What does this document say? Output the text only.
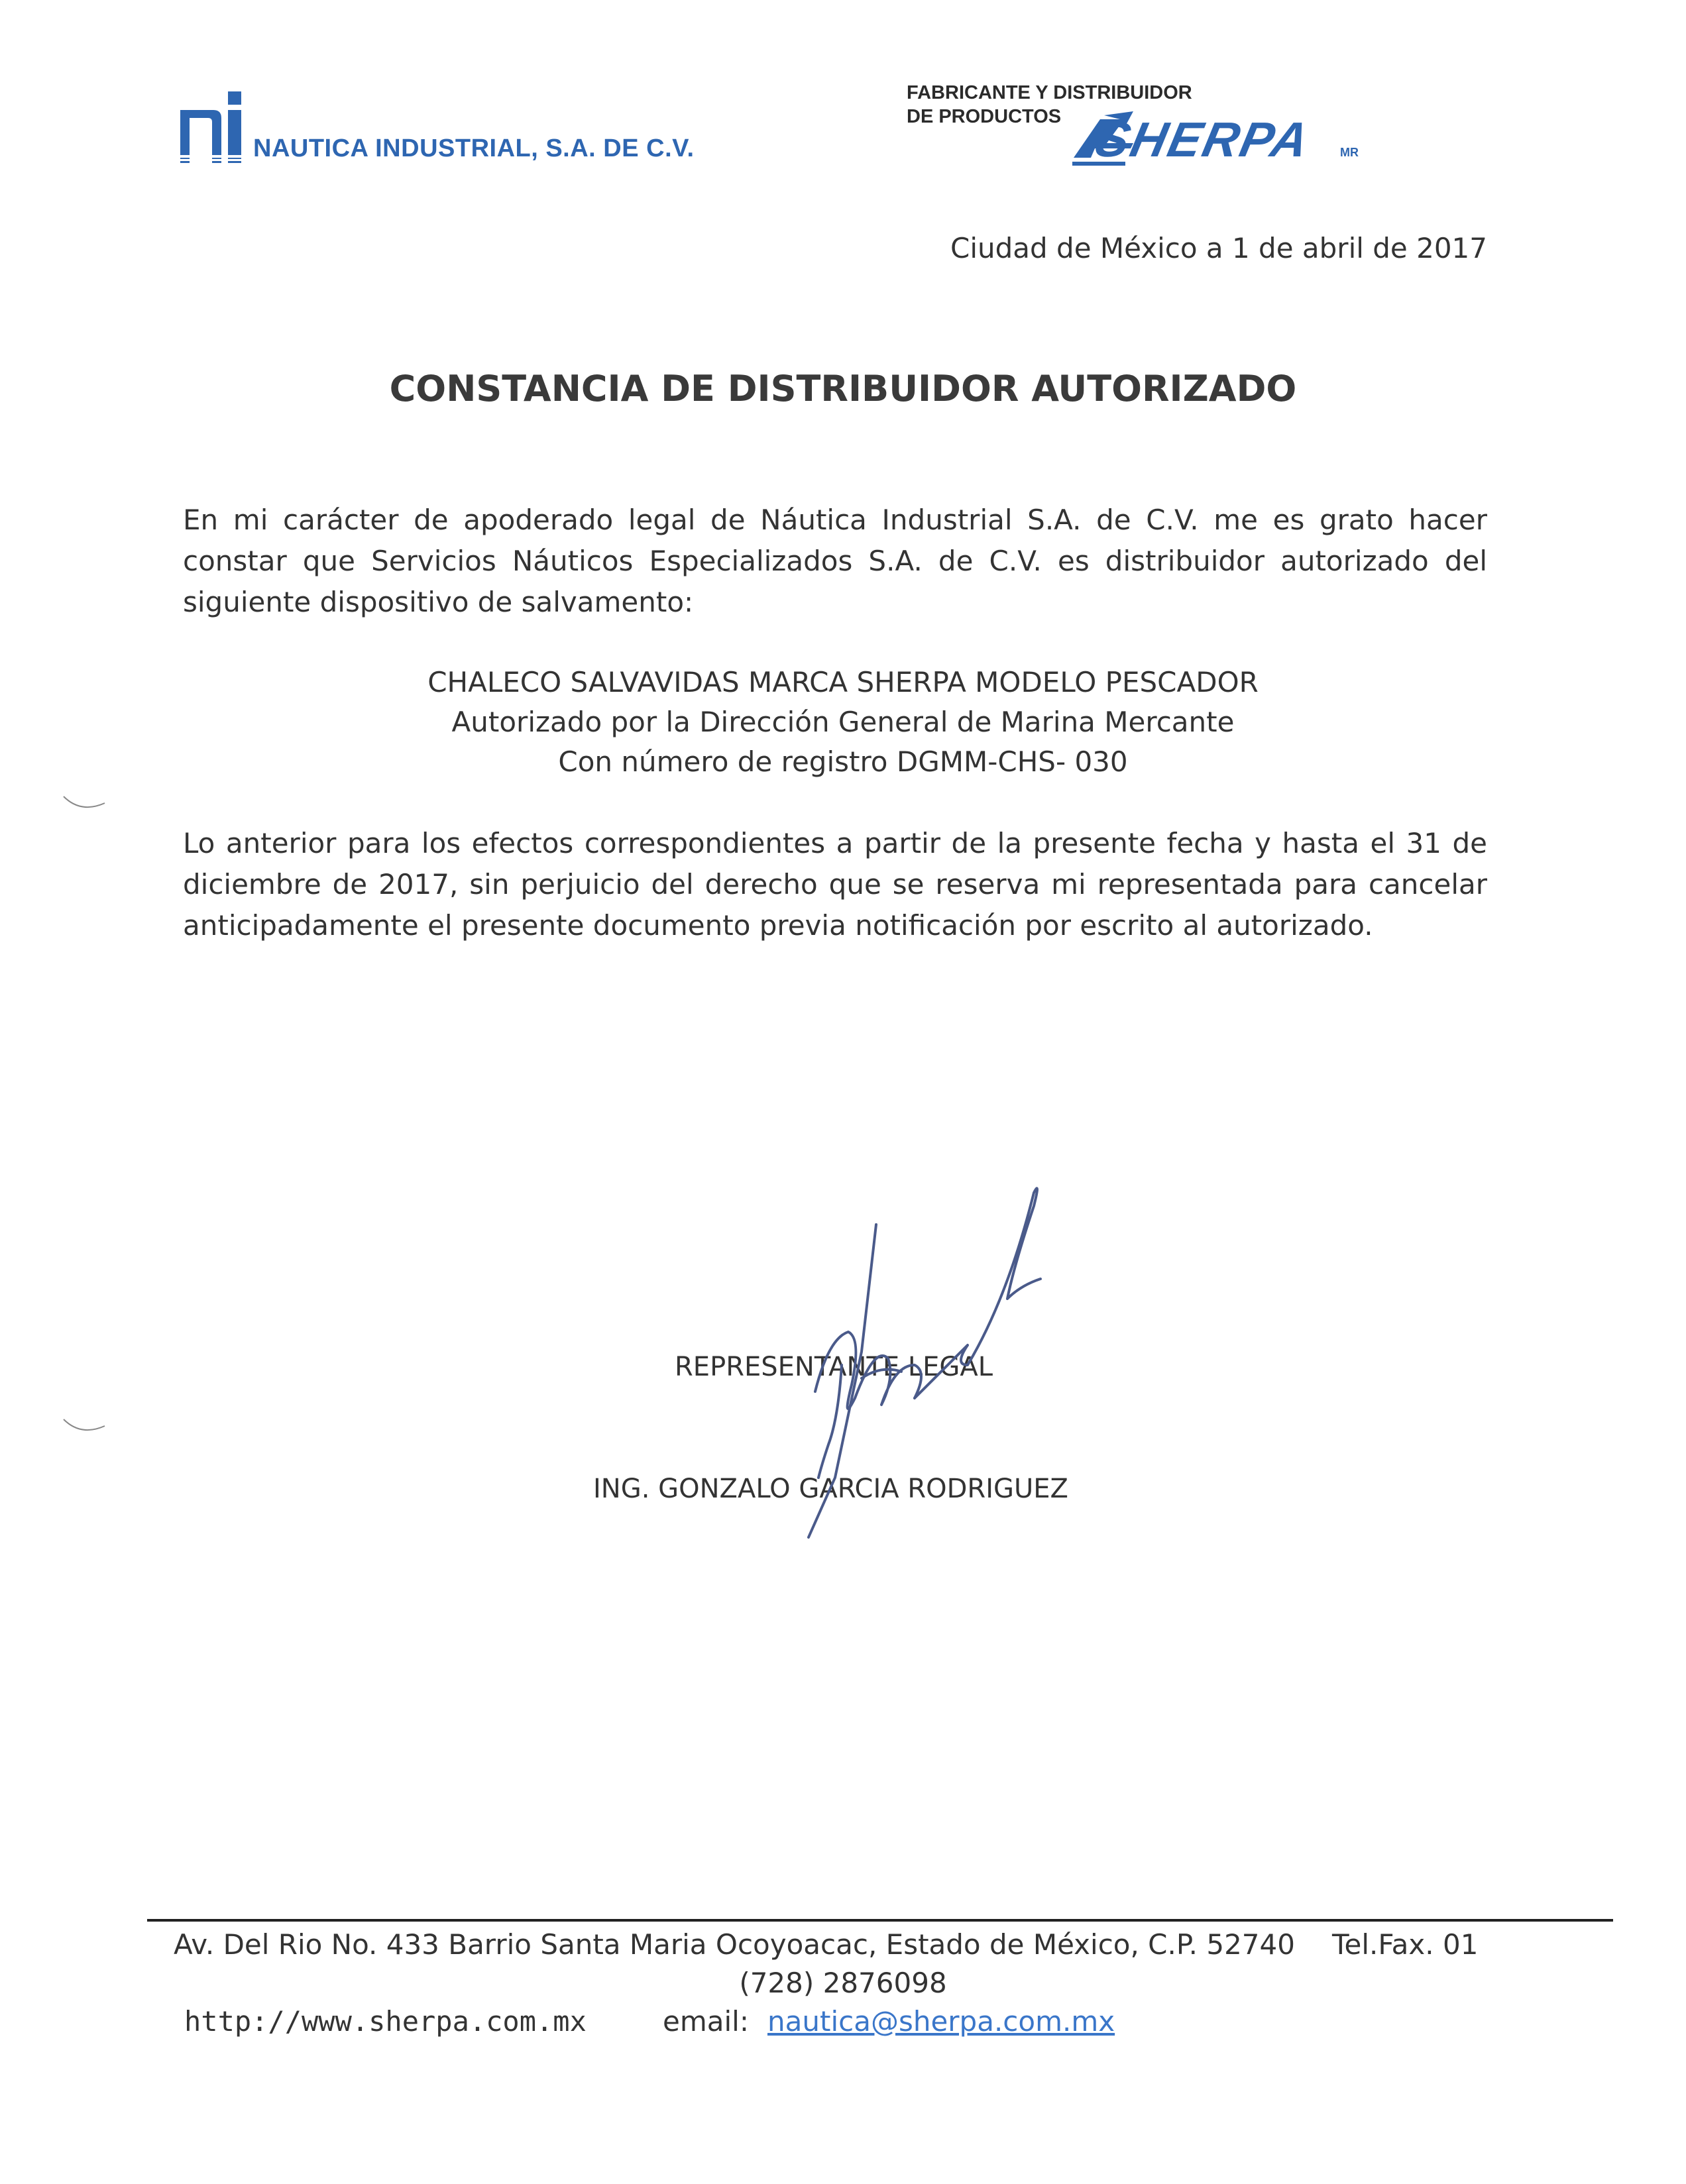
NAUTICA INDUSTRIAL, S.A. DE C.V.
FABRICANTE Y DISTRIBUIDOR
DE PRODUCTOS SHERPA MR
Ciudad de México a 1 de abril de 2017
CONSTANCIA DE DISTRIBUIDOR AUTORIZADO
En mi carácter de apoderado legal de Náutica Industrial S.A. de C.V. me es grato hacer constar que Servicios Náuticos Especializados S.A. de C.V. es distribuidor autorizado del siguiente dispositivo de salvamento:
CHALECO SALVAVIDAS MARCA SHERPA MODELO PESCADOR
Autorizado por la Dirección General de Marina Mercante
Con número de registro DGMM-CHS- 030
Lo anterior para los efectos correspondientes a partir de la presente fecha y hasta el 31 de diciembre de 2017, sin perjuicio del derecho que se reserva mi representada para cancelar anticipadamente el presente documento previa notificación por escrito al autorizado.
REPRESENTANTE LEGAL
ING. GONZALO GARCIA RODRIGUEZ
Av. Del Rio No. 433 Barrio Santa Maria Ocoyoacac, Estado de México, C.P. 52740 Tel.Fax. 01
(728) 2876098
http://www.sherpa.com.mx	email: nautica@sherpa.com.mx
